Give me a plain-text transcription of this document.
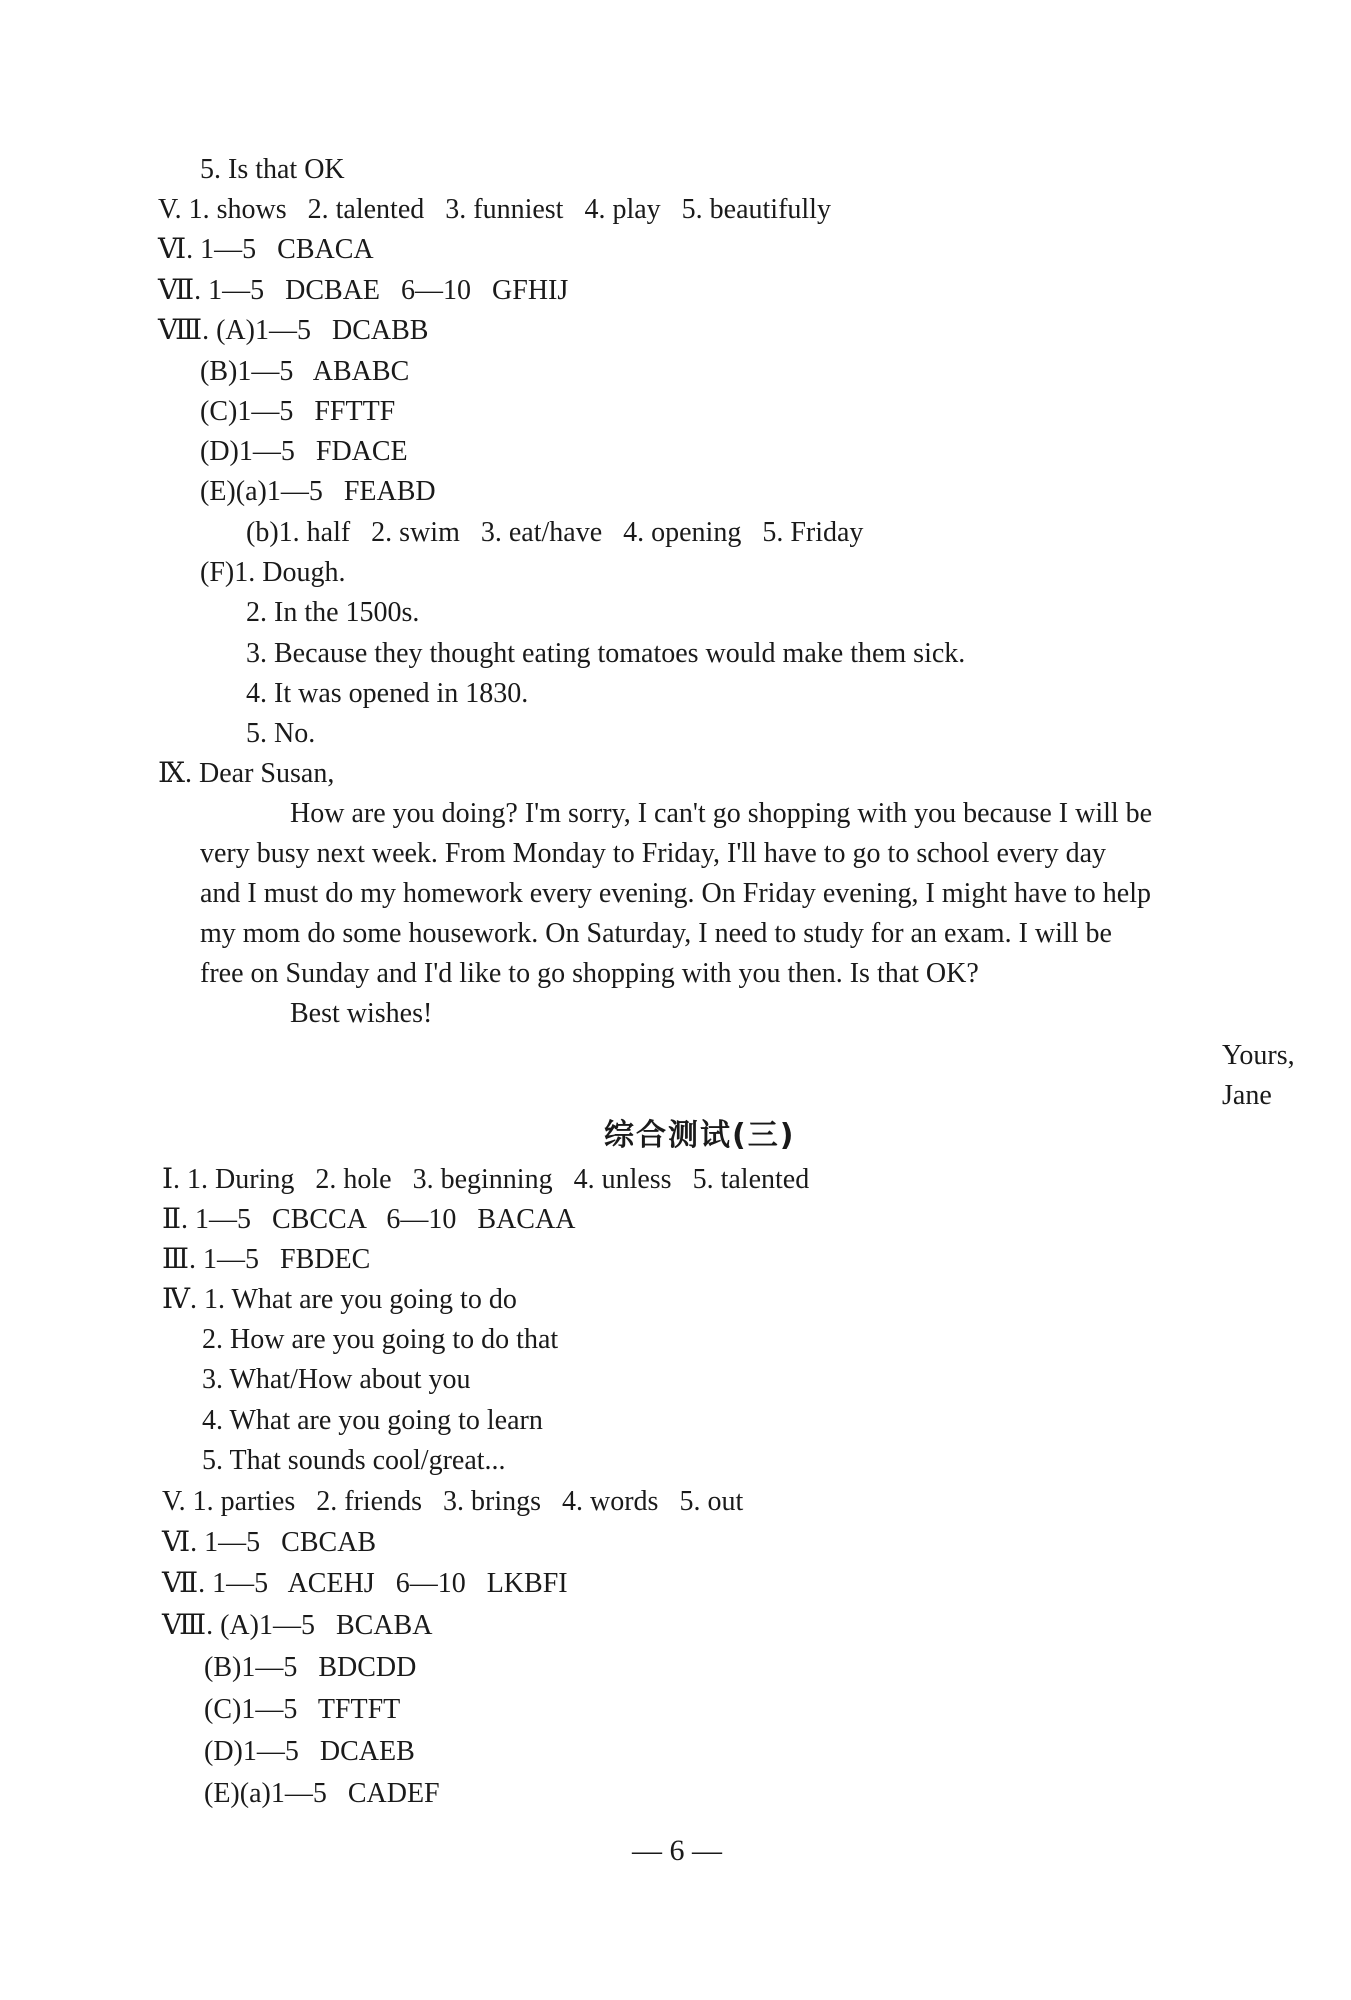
5. Is that OK
V. 1. shows   2. talented   3. funniest   4. play   5. beautifully
Ⅵ. 1—5   CBACA
Ⅶ. 1—5   DCBAE   6—10   GFHIJ
Ⅷ. (A)1—5   DCABB
(B)1—5   ABABC
(C)1—5   FFTTF
(D)1—5   FDACE
(E)(a)1—5   FEABD
(b)1. half   2. swim   3. eat/have   4. opening   5. Friday
(F)1. Dough.
2. In the 1500s.
3. Because they thought eating tomatoes would make them sick.
4. It was opened in 1830.
5. No.
Ⅸ. Dear Susan,
How are you doing? I'm sorry, I can't go shopping with you because I will be
very busy next week. From Monday to Friday, I'll have to go to school every day
and I must do my homework every evening. On Friday evening, I might have to help
my mom do some housework. On Saturday, I need to study for an exam. I will be
free on Sunday and I'd like to go shopping with you then. Is that OK?
Best wishes!
Yours,
Jane
综合测试(三)
Ⅰ. 1. During   2. hole   3. beginning   4. unless   5. talented
Ⅱ. 1—5   CBCCA   6—10   BACAA
Ⅲ. 1—5   FBDEC
Ⅳ. 1. What are you going to do
2. How are you going to do that
3. What/How about you
4. What are you going to learn
5. That sounds cool/great...
V. 1. parties   2. friends   3. brings   4. words   5. out
Ⅵ. 1—5   CBCAB
Ⅶ. 1—5   ACEHJ   6—10   LKBFI
Ⅷ. (A)1—5   BCABA
(B)1—5   BDCDD
(C)1—5   TFTFT
(D)1—5   DCAEB
(E)(a)1—5   CADEF
— 6 —
